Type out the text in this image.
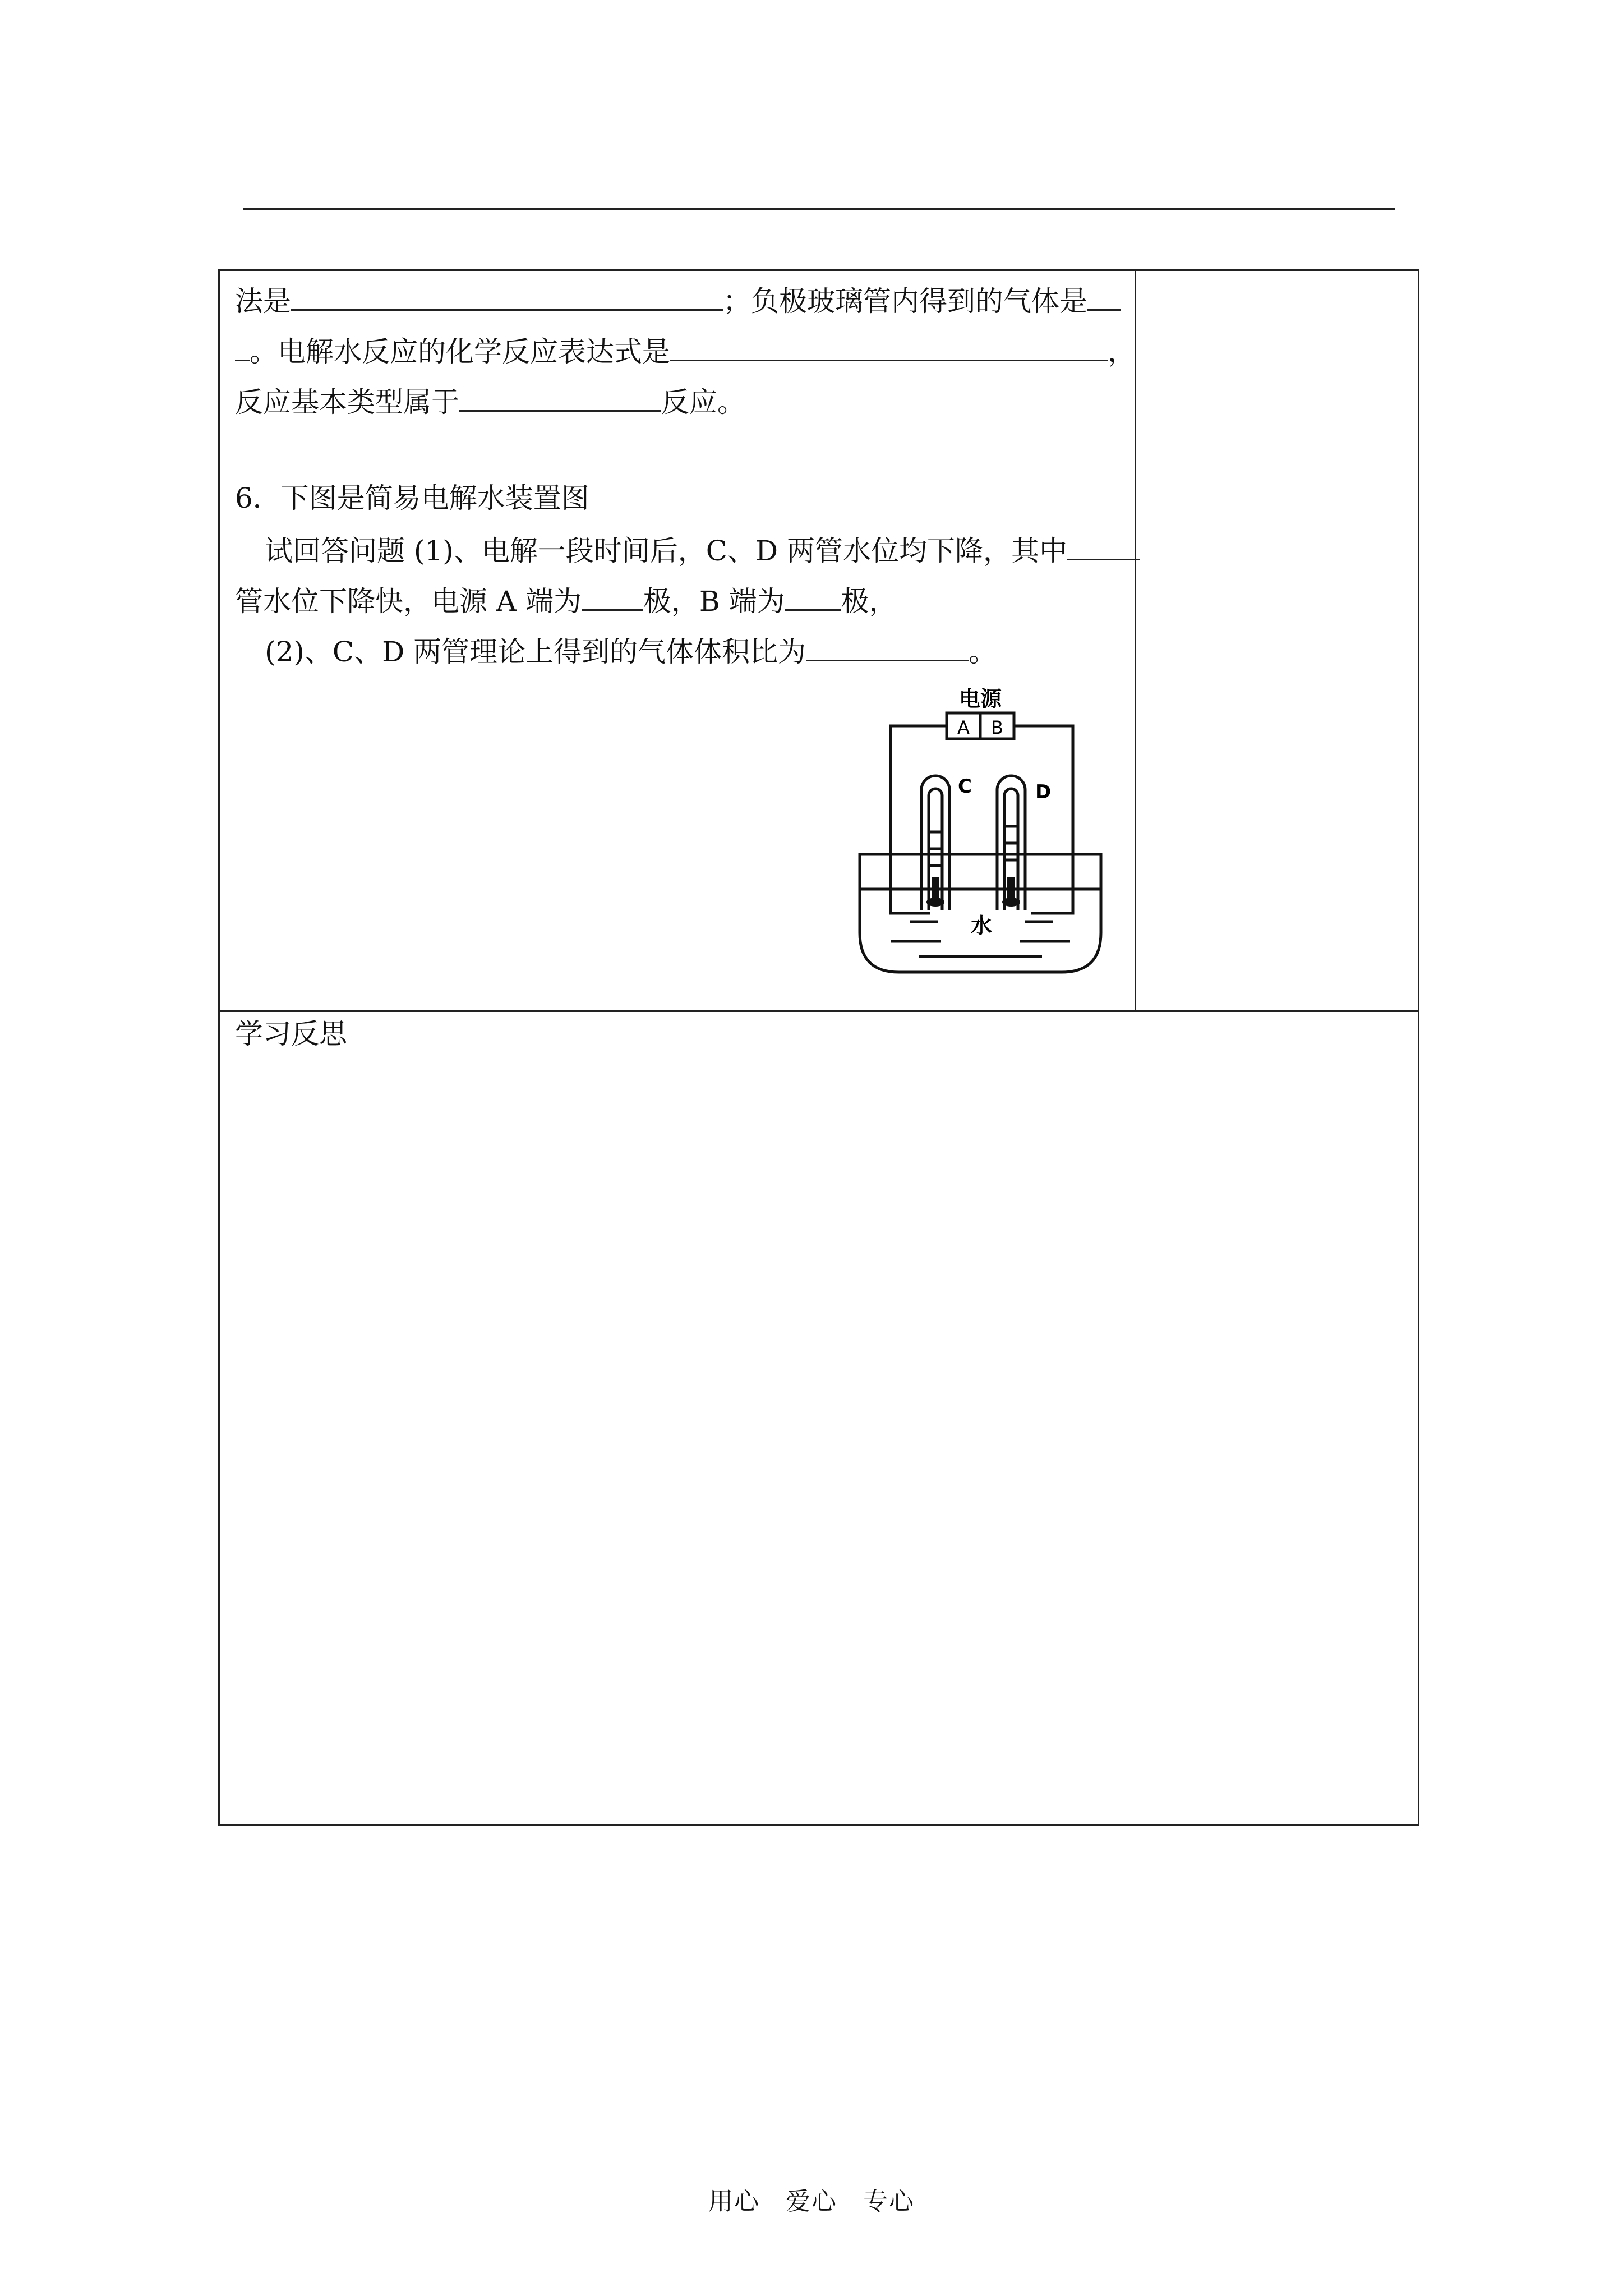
法是	；负极玻璃管内得到的气体是
。电解水反应的化学反应表达式是	，
反应基本类型属于	反应。
6．下图是简易电解水装置图
试回答问题 (1)、电解一段时间后，C、D 两管水位均下降，其中
管水位下降快，电源 A 端为 极，B 端为 极，
(2)、C、D 两管理论上得到的气体体积比为	。
电源
A B
C	D
水
学习反思
用心　爱心　专心
